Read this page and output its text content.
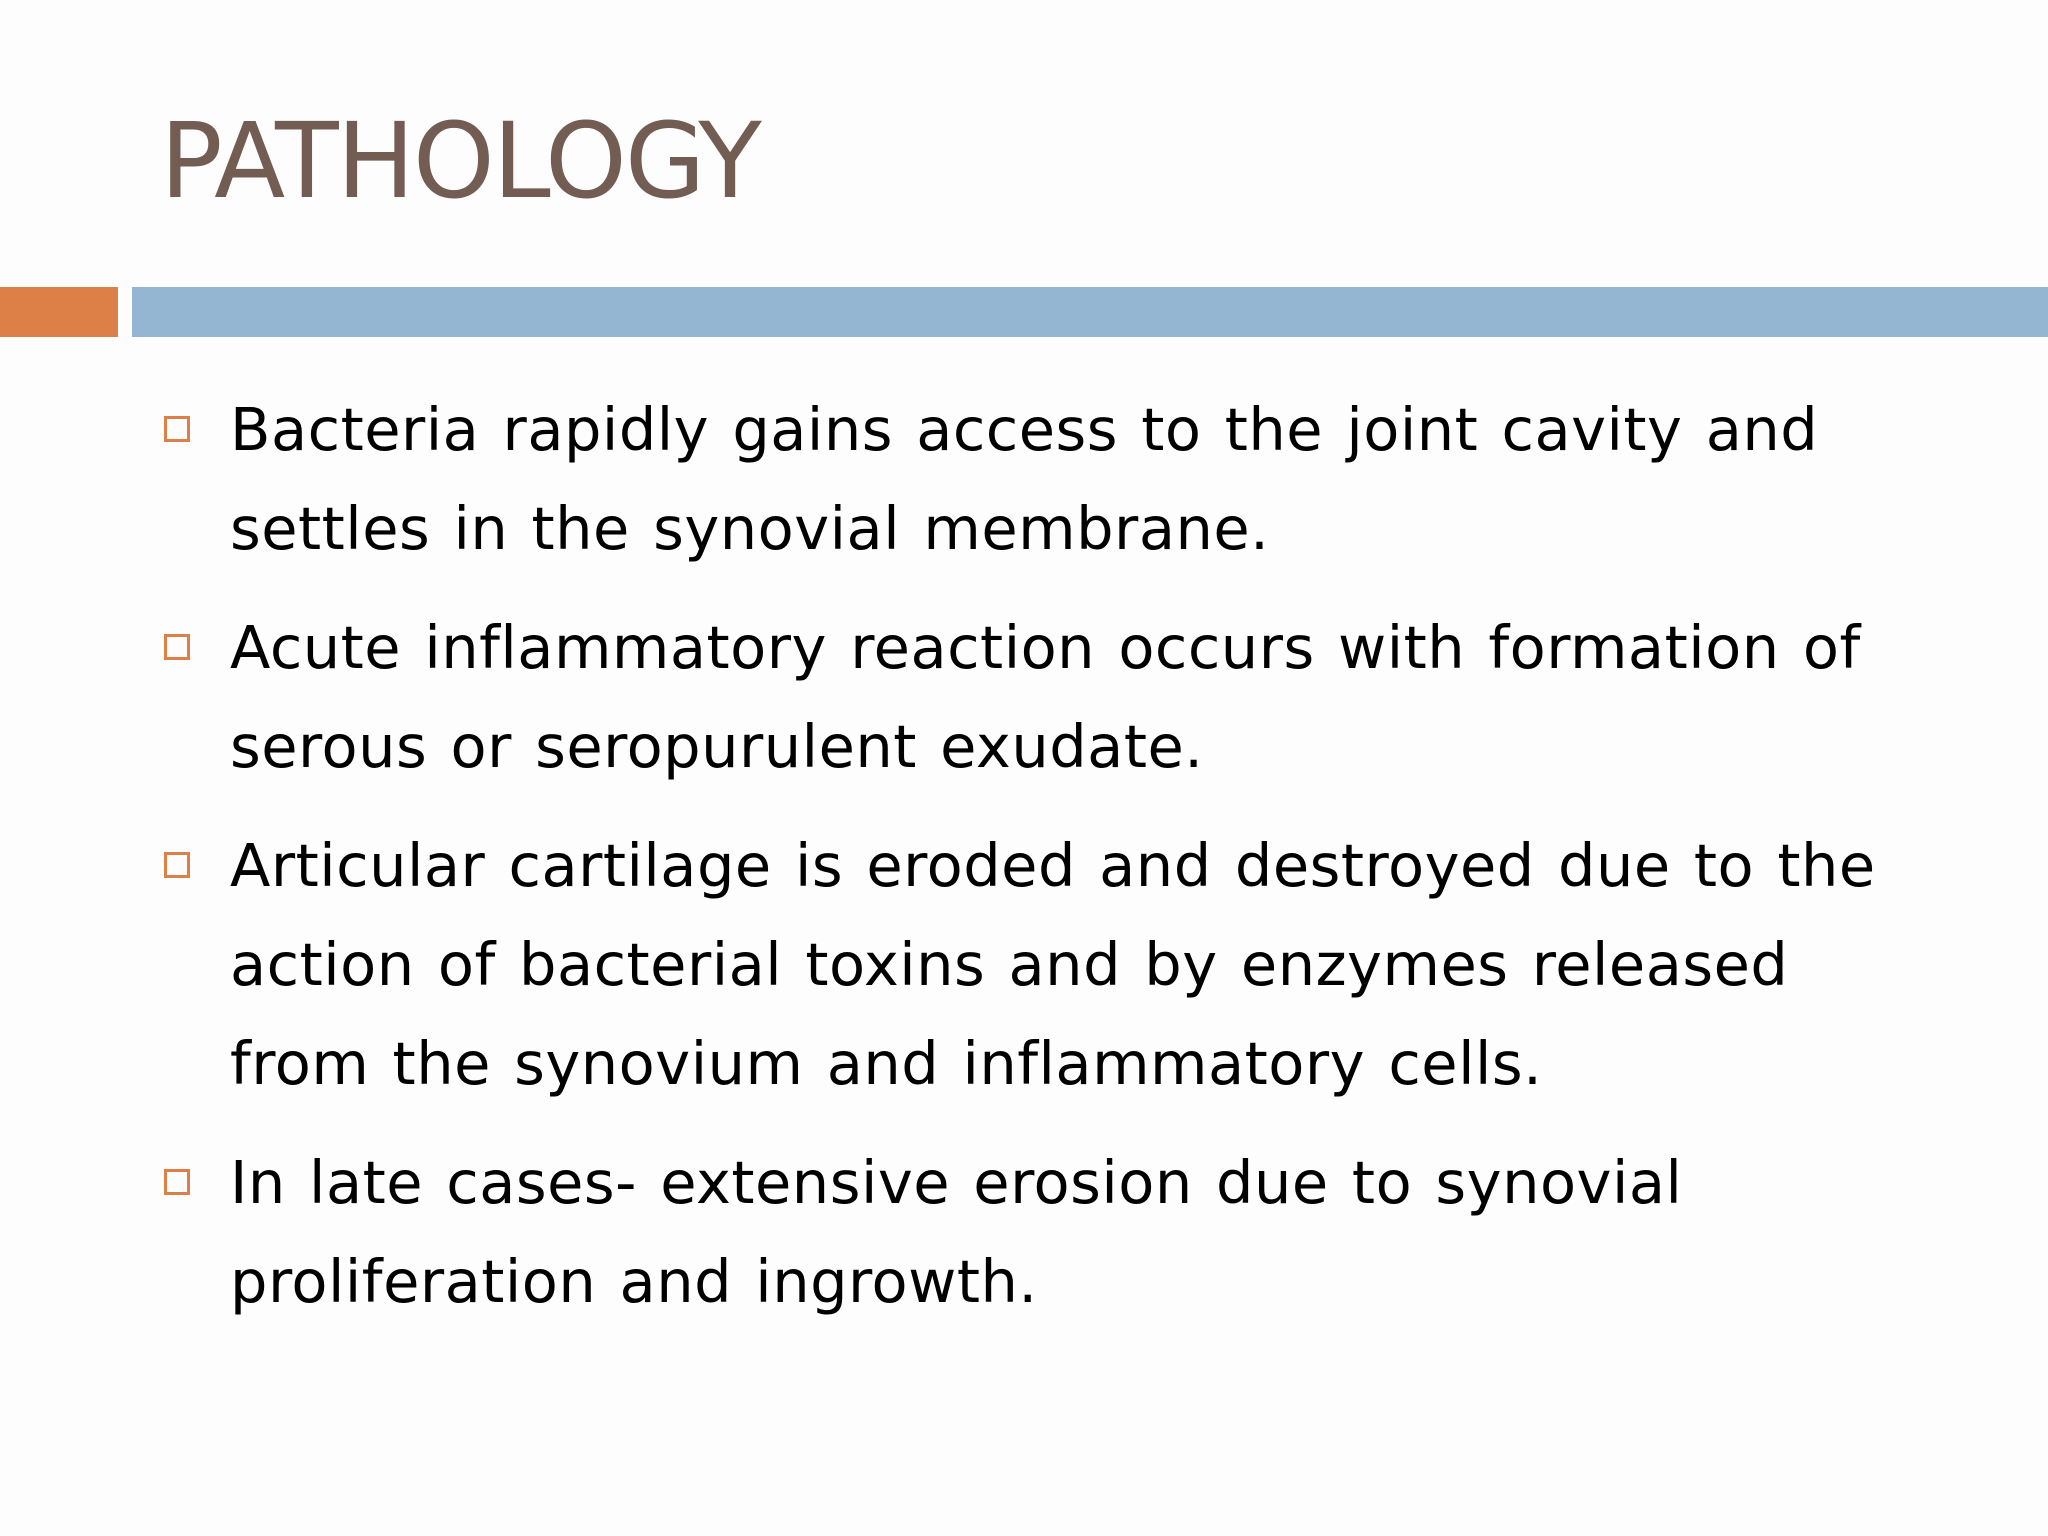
PATHOLOGY
Bacteria rapidly gains access to the joint cavity and settles in the synovial membrane.
Acute inflammatory reaction occurs with formation of serous or seropurulent exudate.
Articular cartilage is eroded and destroyed due to the action of bacterial toxins and by enzymes released from the synovium and inflammatory cells.
In late cases- extensive erosion due to synovial proliferation and ingrowth.
